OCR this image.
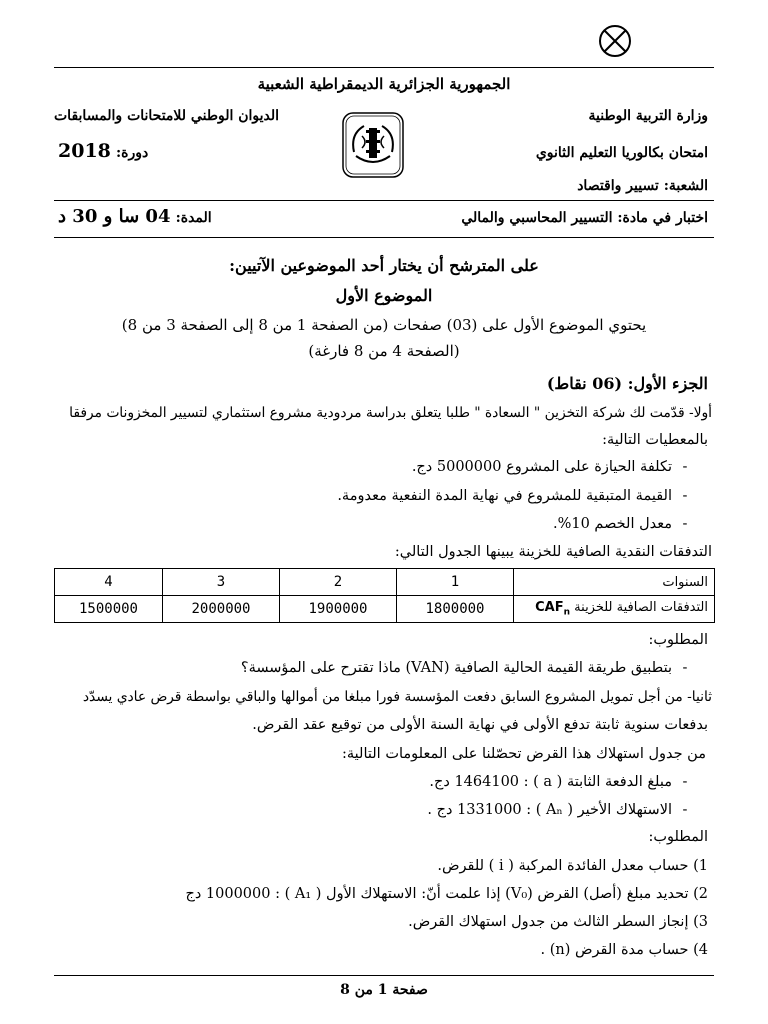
الجمهورية الجزائرية الديمقراطية الشعبية
وزارة التربية الوطنية
الديوان الوطني للامتحانات والمسابقات
امتحان بكالوريا التعليم الثانوي
دورة: 2018
الشعبة: تسيير واقتصاد
اختبار في مادة: التسيير المحاسبي والمالي
المدة: 04 سا و 30 د
على المترشح أن يختار أحد الموضوعين الآتيين:
الموضوع الأول
يحتوي الموضوع الأول على (03) صفحات (من الصفحة 1 من 8 إلى الصفحة 3 من 8)
(الصفحة 4 من 8 فارغة)
الجزء الأول: (06 نقاط)
أولا- قدّمت لك شركة التخزين " السعادة " طلبا يتعلق بدراسة مردودية مشروع استثماري لتسيير المخزونات مرفقا
بالمعطيات التالية:
-تكلفة الحيازة على المشروع 5000000 دج.
-القيمة المتبقية للمشروع في نهاية المدة النفعية معدومة.
-معدل الخصم 10%.
التدفقات النقدية الصافية للخزينة يبينها الجدول التالي:
السنوات	1	2	3	4
التدفقات الصافية للخزينة $CAF_n$	1800000	1900000	2000000	1500000
المطلوب:
-بتطبيق طريقة القيمة الحالية الصافية (VAN) ماذا تقترح على المؤسسة؟
ثانيا- من أجل تمويل المشروع السابق دفعت المؤسسة فورا مبلغا من أموالها والباقي بواسطة قرض عادي يسدّد
بدفعات سنوية ثابتة تدفع الأولى في نهاية السنة الأولى من توقيع عقد القرض.
من جدول استهلاك هذا القرض تحصّلنا على المعلومات التالية:
-مبلغ الدفعة الثابتة ( a ) : 1464100 دج.
-الاستهلاك الأخير ( Aₙ ) : 1331000 دج .
المطلوب:
1) حساب معدل الفائدة المركبة ( i ) للقرض.
2) تحديد مبلغ (أصل) القرض (V₀) إذا علمت أنّ: الاستهلاك الأول ( A₁ ) : 1000000 دج
3) إنجاز السطر الثالث من جدول استهلاك القرض.
4) حساب مدة القرض (n) .
صفحة 1 من 8
